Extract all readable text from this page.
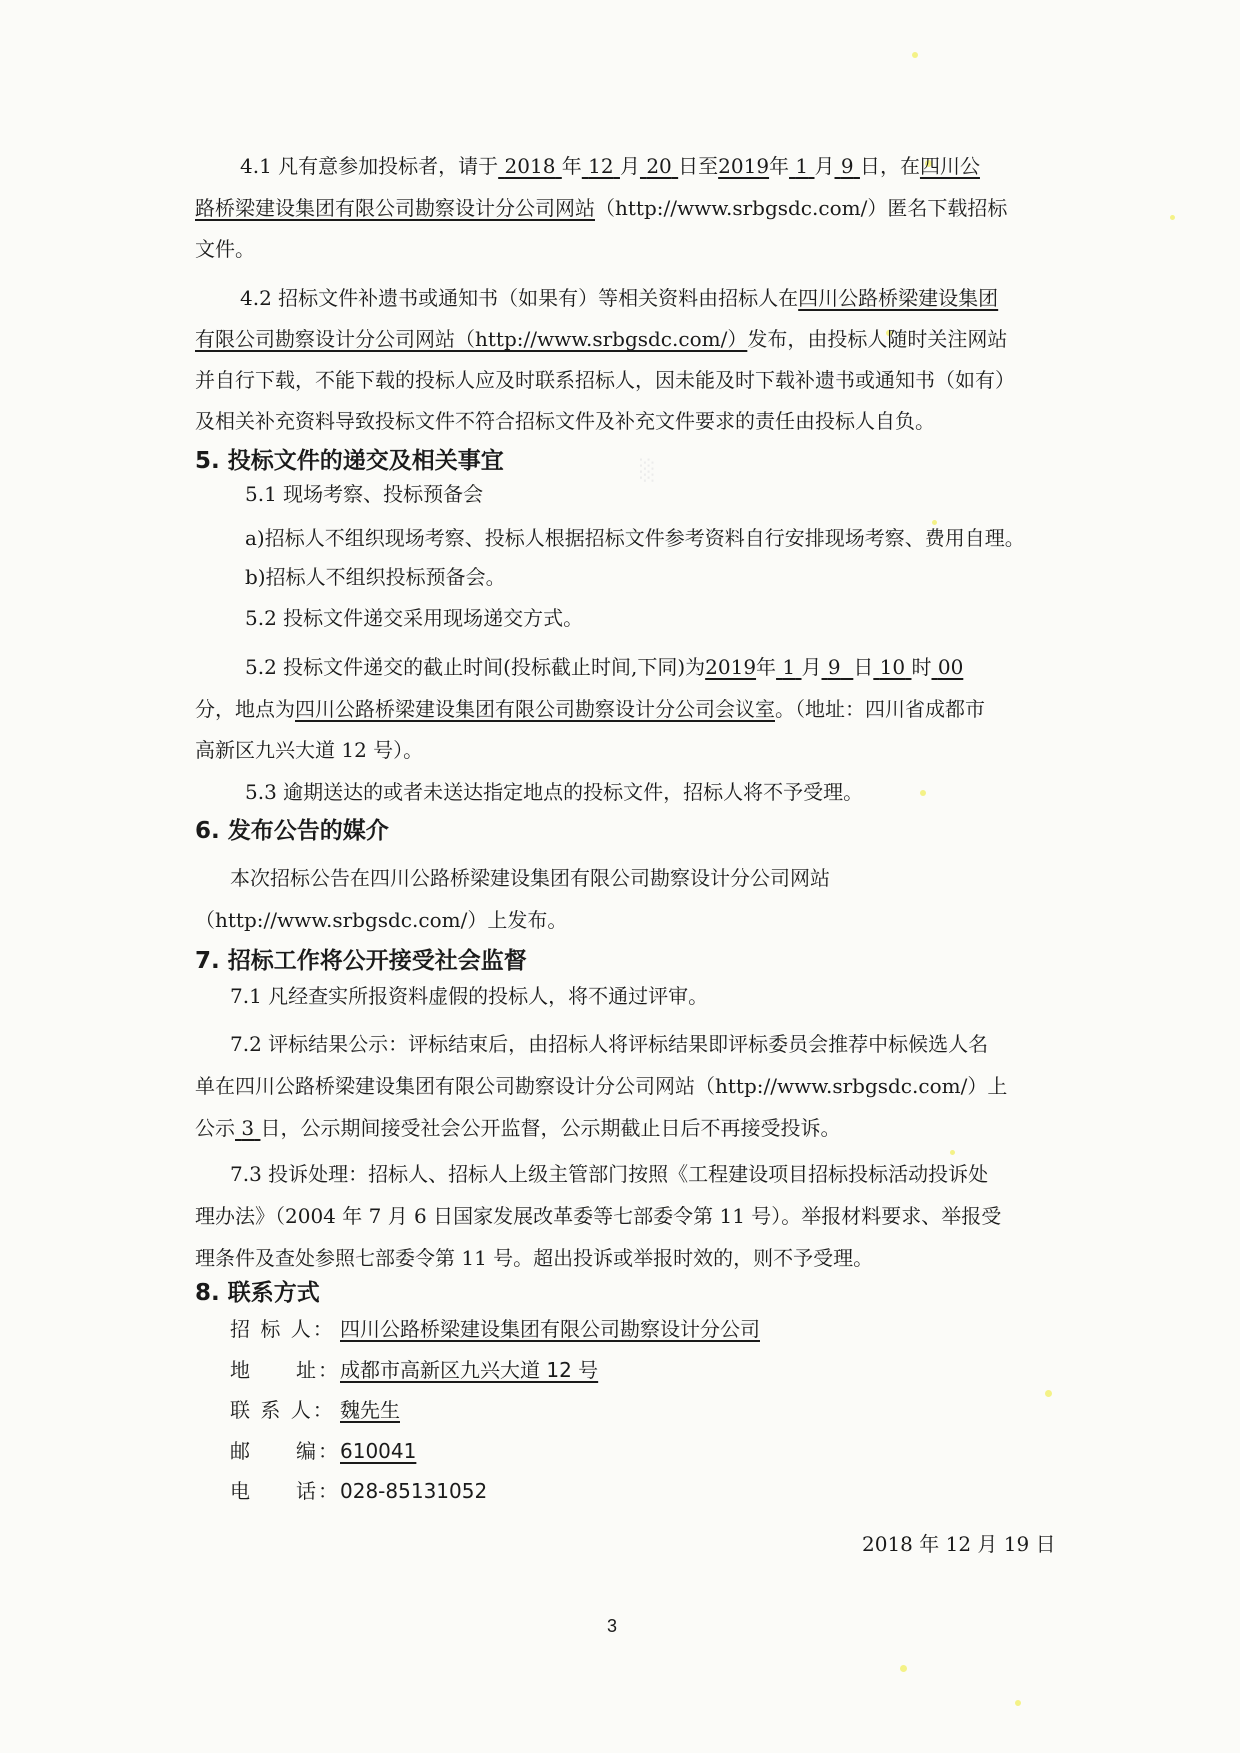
░
4.1 凡有意参加投标者，请于 2018 年 12 月 20 日至2019年 1 月 9 日，在四川公
路桥梁建设集团有限公司勘察设计分公司网站（http://www.srbgsdc.com/）匿名下载招标
文件。
4.2 招标文件补遗书或通知书（如果有）等相关资料由招标人在四川公路桥梁建设集团
有限公司勘察设计分公司网站（http://www.srbgsdc.com/）发布，由投标人随时关注网站
并自行下载，不能下载的投标人应及时联系招标人，因未能及时下载补遗书或通知书（如有）
及相关补充资料导致投标文件不符合招标文件及补充文件要求的责任由投标人自负。
5. 投标文件的递交及相关事宜
5.1 现场考察、投标预备会
a)招标人不组织现场考察、投标人根据招标文件参考资料自行安排现场考察、费用自理。
b)招标人不组织投标预备会。
5.2 投标文件递交采用现场递交方式。
5.2 投标文件递交的截止时间(投标截止时间,下同)为2019年 1 月 9 日 10 时 00
分，地点为四川公路桥梁建设集团有限公司勘察设计分公司会议室。（地址：四川省成都市
高新区九兴大道 12 号）。
5.3 逾期送达的或者未送达指定地点的投标文件，招标人将不予受理。
6. 发布公告的媒介
本次招标公告在四川公路桥梁建设集团有限公司勘察设计分公司网站
（http://www.srbgsdc.com/）上发布。
7. 招标工作将公开接受社会监督
7.1 凡经查实所报资料虚假的投标人，将不通过评审。
7.2 评标结果公示：评标结束后，由招标人将评标结果即评标委员会推荐中标候选人名
单在四川公路桥梁建设集团有限公司勘察设计分公司网站（http://www.srbgsdc.com/）上
公示 3 日，公示期间接受社会公开监督，公示期截止日后不再接受投诉。
7.3 投诉处理：招标人、招标人上级主管部门按照《工程建设项目招标投标活动投诉处
理办法》（2004 年 7 月 6 日国家发展改革委等七部委令第 11 号）。举报材料要求、举报受
理条件及查处参照七部委令第 11 号。超出投诉或举报时效的，则不予受理。
8. 联系方式
招 标 人： 四川公路桥梁建设集团有限公司勘察设计分公司
地　　址：成都市高新区九兴大道 12 号
联 系 人： 魏先生
邮　　编：610041
电　　话：028-85131052
2018 年 12 月 19 日
3
